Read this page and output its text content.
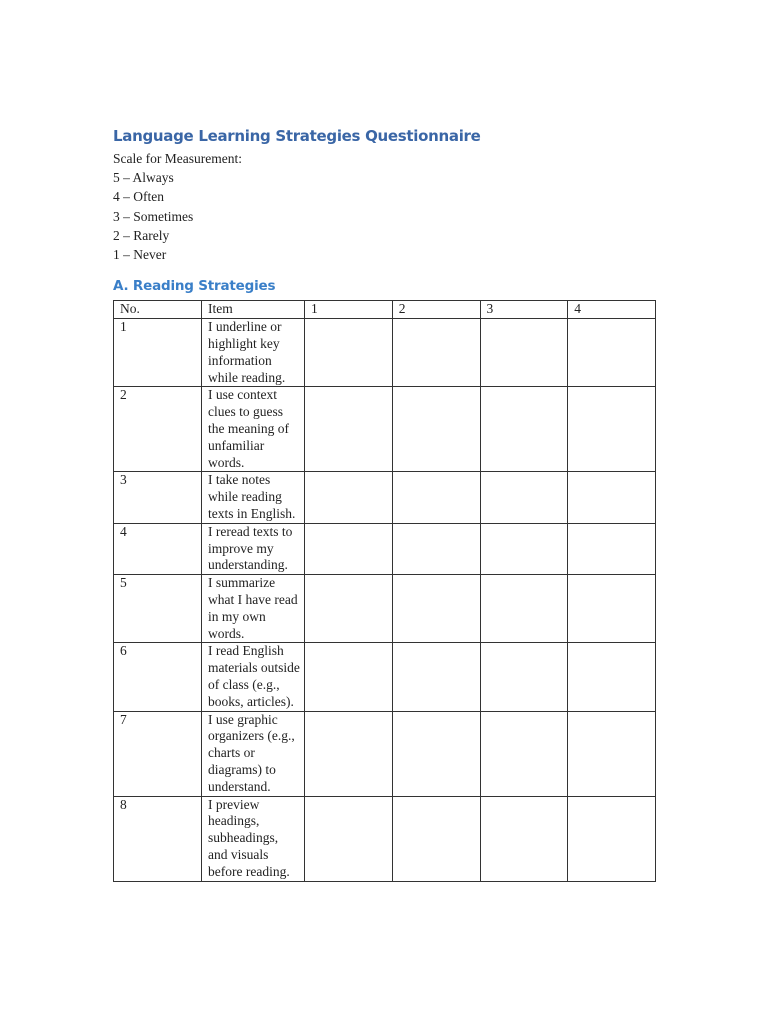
Language Learning Strategies Questionnaire

Scale for Measurement:

5 – Always

4 – Often

3 – Sometimes

2 – Rarely

1 – Never

A. Reading Strategies
No.	Item	1	2	3	4
1	I underline or highlight key information while reading.				

2	I use context clues to guess the meaning of unfamiliar words.				

3	I take notes while reading texts in English.				

4	I reread texts to improve my understanding.				

5	I summarize what I have read in my own words.				

6	I read English materials outside of class (e.g., books, articles).				

7	I use graphic organizers (e.g., charts or diagrams) to understand.				

8	I preview headings, subheadings, and visuals before reading.				
